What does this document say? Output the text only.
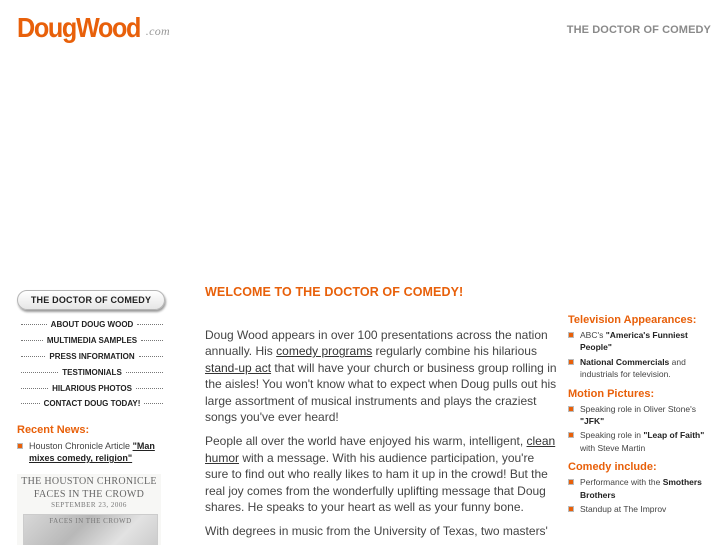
DougWood .com	THE DOCTOR OF COMEDY
THE DOCTOR OF COMEDY
ABOUT DOUG WOOD
MULTIMEDIA SAMPLES
PRESS INFORMATION
TESTIMONIALS
HILARIOUS PHOTOS
CONTACT DOUG TODAY!
Recent News:
Houston Chronicle Article "Man mixes comedy, religion"
THE HOUSTON CHRONICLE
FACES IN THE CROWD
SEPTEMBER 23, 2006
FACES IN THE CROWD
WELCOME TO THE DOCTOR OF COMEDY!

Doug Wood appears in over 100 presentations across the nation annually. His comedy programs regularly combine his hilarious stand-up act that will have your church or business group rolling in the aisles! You won't know what to expect when Doug pulls out his large assortment of musical instruments and plays the craziest songs you've ever heard!

People all over the world have enjoyed his warm, intelligent, clean humor with a message. With his audience participation, you're sure to find out who really likes to ham it up in the crowd! But the real joy comes from the wonderfully uplifting message that Doug shares. He speaks to your heart as well as your funny bone.

With degrees in music from the University of Texas, two masters'

Television Appearances:
ABC's "America's Funniest People"
National Commercials and industrials for television.
Motion Pictures:
Speaking role in Oliver Stone's "JFK"
Speaking role in "Leap of Faith" with Steve Martin
Comedy include:
Performance with the Smothers Brothers
Standup at The Improv
